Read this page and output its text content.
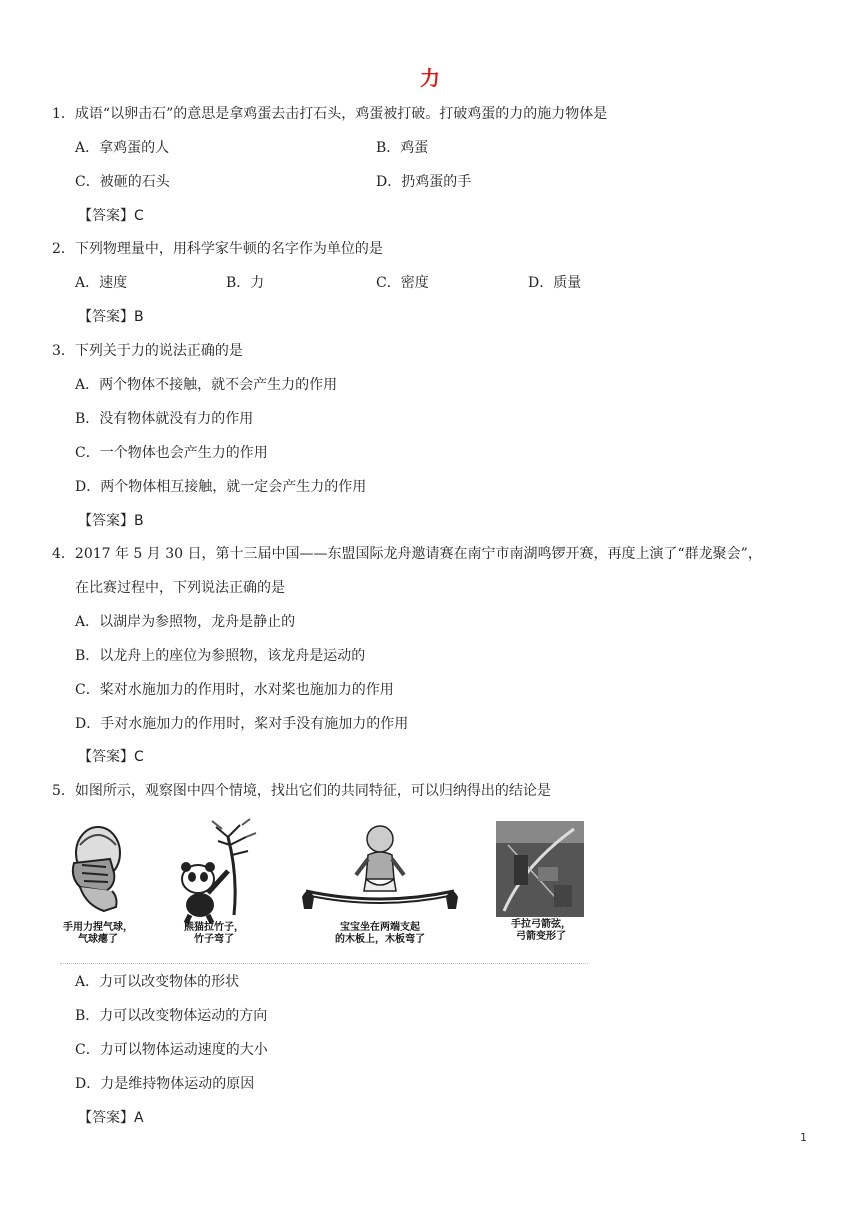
力
1．成语“以卵击石”的意思是拿鸡蛋去击打石头，鸡蛋被打破。打破鸡蛋的力的施力物体是
A．拿鸡蛋的人	B．鸡蛋
C．被砸的石头	D．扔鸡蛋的手
【答案】C
2．下列物理量中，用科学家牛顿的名字作为单位的是
A．速度	B．力	C．密度	D．质量
【答案】B
3．下列关于力的说法正确的是
A．两个物体不接触，就不会产生力的作用
B．没有物体就没有力的作用
C．一个物体也会产生力的作用
D．两个物体相互接触，就一定会产生力的作用
【答案】B
4．2017 年 5 月 30 日，第十三届中国——东盟国际龙舟邀请赛在南宁市南湖鸣锣开赛，再度上演了“群龙聚会”，
在比赛过程中，下列说法正确的是
A．以湖岸为参照物，龙舟是静止的
B．以龙舟上的座位为参照物，该龙舟是运动的
C．桨对水施加力的作用时，水对桨也施加力的作用
D．手对水施加力的作用时，桨对手没有施加力的作用
【答案】C
5．如图所示，观察图中四个情境，找出它们的共同特征，可以归纳得出的结论是
手用力捏气球，
气球瘪了
熊猫拉竹子，
竹子弯了
宝宝坐在两端支起
的木板上，木板弯了
手拉弓箭弦，
弓箭变形了
A．力可以改变物体的形状
B．力可以改变物体运动的方向
C．力可以物体运动速度的大小
D．力是维持物体运动的原因
【答案】A
1
